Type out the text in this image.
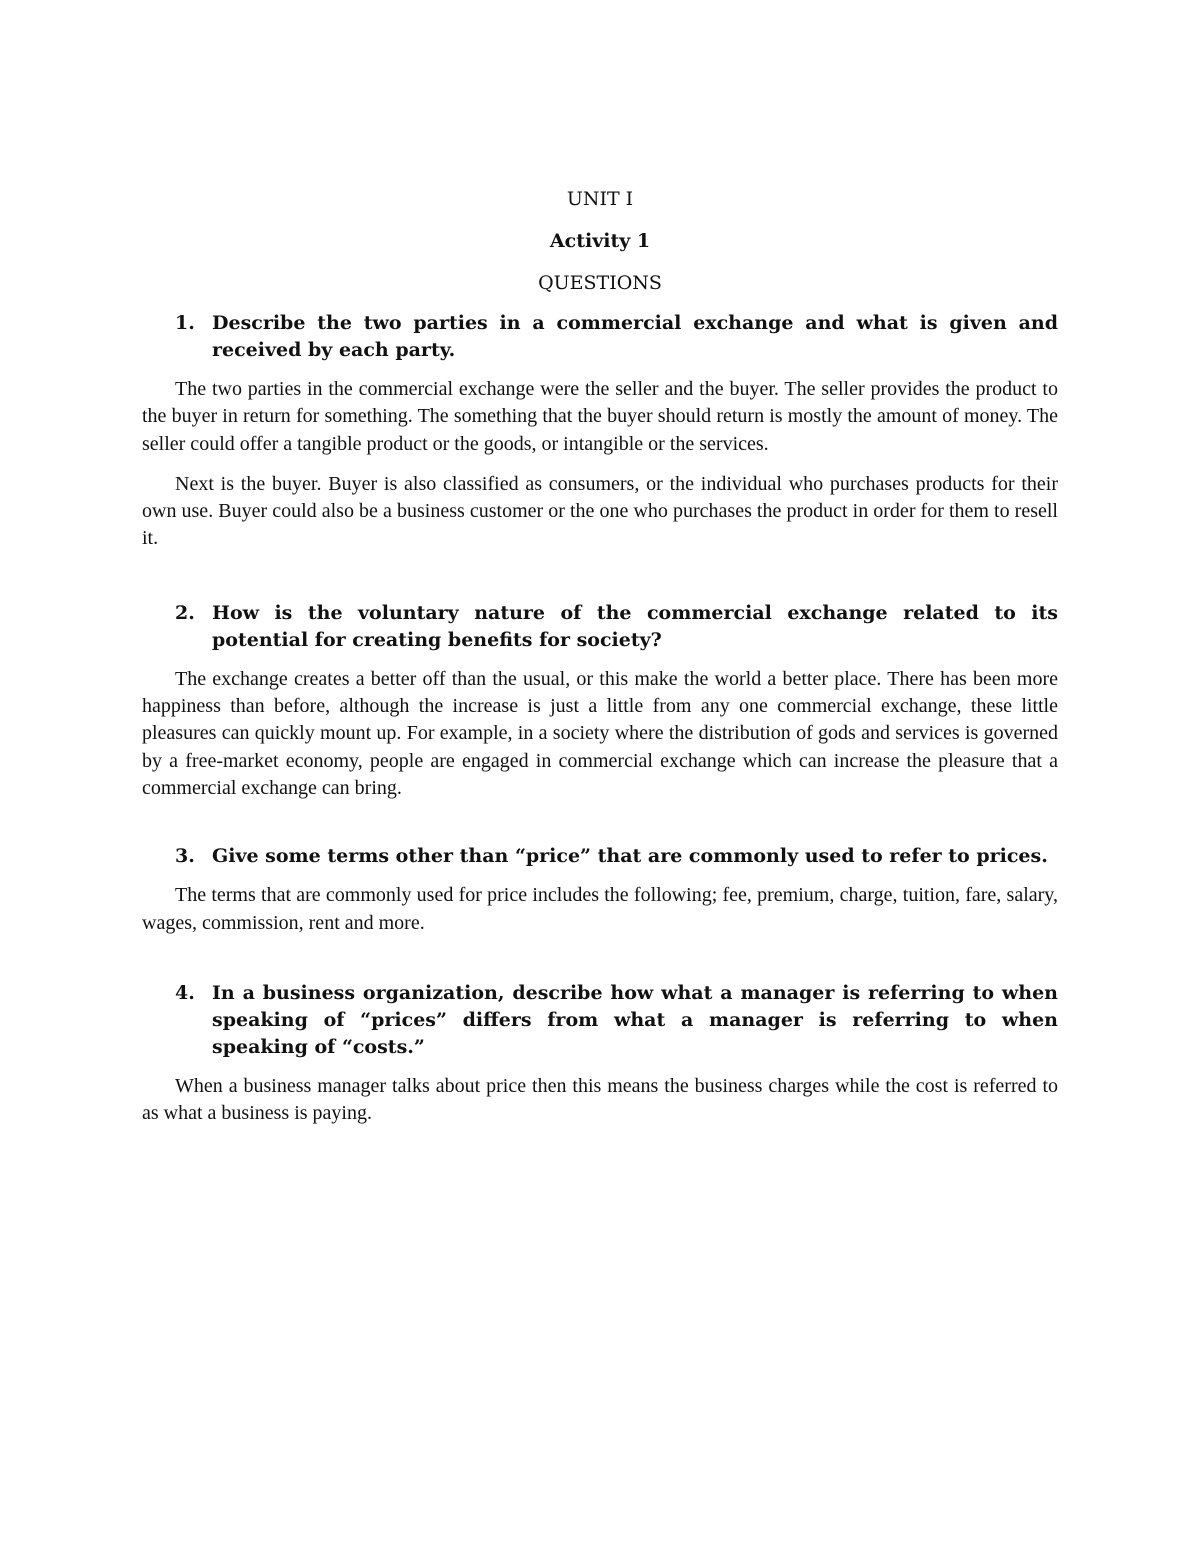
UNIT I

Activity 1

QUESTIONS

1. Describe the two parties in a commercial exchange and what is given and received by each party.

The two parties in the commercial exchange were the seller and the buyer. The seller provides the product to the buyer in return for something. The something that the buyer should return is mostly the amount of money. The seller could offer a tangible product or the goods, or intangible or the services.

Next is the buyer. Buyer is also classified as consumers, or the individual who purchases products for their own use. Buyer could also be a business customer or the one who purchases the product in order for them to resell it.

2. How is the voluntary nature of the commercial exchange related to its potential for creating benefits for society?

The exchange creates a better off than the usual, or this make the world a better place. There has been more happiness than before, although the increase is just a little from any one commercial exchange, these little pleasures can quickly mount up. For example, in a society where the distribution of gods and services is governed by a free-market economy, people are engaged in commercial exchange which can increase the pleasure that a commercial exchange can bring.

3. Give some terms other than “price” that are commonly used to refer to prices.

The terms that are commonly used for price includes the following; fee, premium, charge, tuition, fare, salary, wages, commission, rent and more.

4. In a business organization, describe how what a manager is referring to when speaking of “prices” differs from what a manager is referring to when speaking of “costs.”

When a business manager talks about price then this means the business charges while the cost is referred to as what a business is paying.
